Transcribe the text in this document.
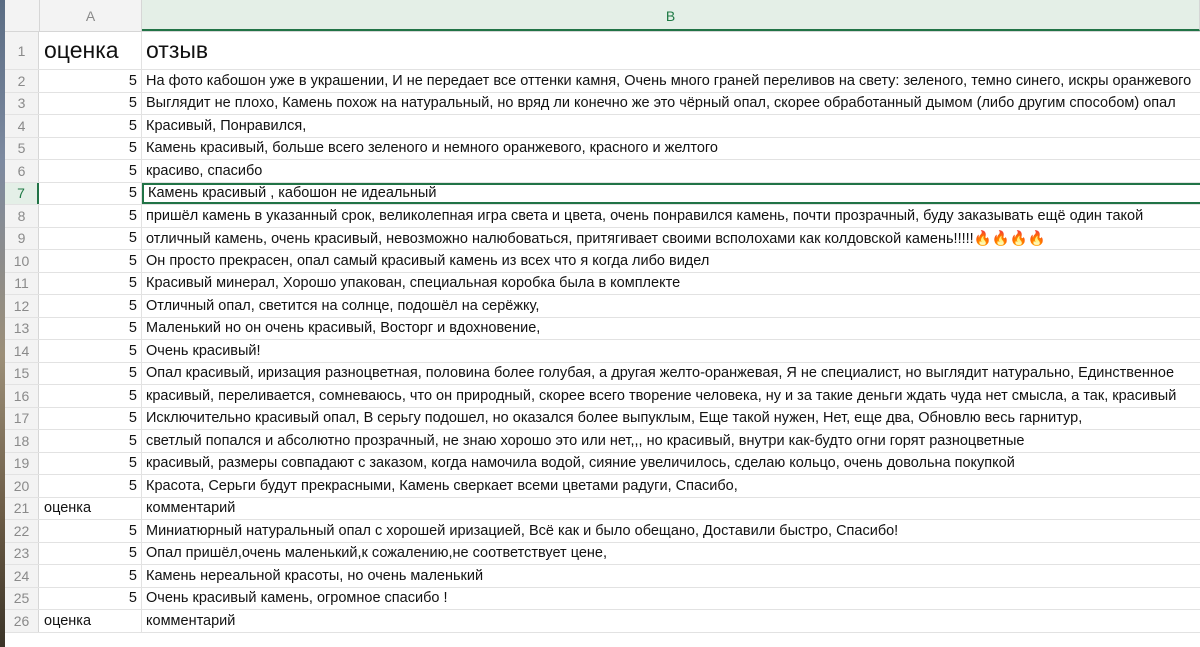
A	B
1 оценка	отзыв
2	5 На фото кабошон уже в украшении, И не передает все оттенки камня, Очень много граней переливов на свету: зеленого, темно синего, искры оранжевого
3	5 Выглядит не плохо, Камень похож на натуральный, но вряд ли конечно же это чёрный опал, скорее обработанный дымом (либо другим способом) опал
4	5 Красивый, Понравился,
5	5 Камень красивый, больше всего зеленого и немного оранжевого, красного и желтого
6	5 красиво, спасибо
7	5 Камень красивый , кабошон не идеальный
8	5 пришёл камень в указанный срок, великолепная игра света и цвета, очень понравился камень, почти прозрачный, буду заказывать ещё один такой
9	5 отличный камень, очень красивый, невозможно налюбоваться, притягивает своими всполохами как колдовской камень!!!!!🔥🔥🔥🔥
10	5 Он просто прекрасен, опал самый красивый камень из всех что я когда либо видел
11	5 Красивый минерал, Хорошо упакован, специальная коробка была в комплекте
12	5 Отличный опал, светится на солнце, подошёл на серёжку,
13	5 Маленький но он очень красивый, Восторг и вдохновение,
14	5 Очень красивый!
15	5 Опал красивый, иризация разноцветная, половина более голубая, а другая желто-оранжевая, Я не специалист, но выглядит натурально, Единственное
16	5 красивый, переливается, сомневаюсь, что он природный, скорее всего творение человека, ну и за такие деньги ждать чуда нет смысла, а так, красивый
17	5 Исключительно красивый опал, В серьгу подошел, но оказался более выпуклым, Еще такой нужен, Нет, еще два, Обновлю весь гарнитур,
18	5 светлый попался и абсолютно прозрачный, не знаю хорошо это или нет,,, но красивый, внутри как-будто огни горят разноцветные
19	5 красивый, размеры совпадают с заказом, когда намочила водой, сияние увеличилось, сделаю кольцо, очень довольна покупкой
20	5 Красота, Серьги будут прекрасными, Камень сверкает всеми цветами радуги, Спасибо,
21	оценка	комментарий
22	5 Миниатюрный натуральный опал с хорошей иризацией, Всё как и было обещано, Доставили быстро, Спасибо!
23	5 Опал пришёл,очень маленький,к сожалению,не соответствует цене,
24	5 Камень нереальной красоты, но очень маленький
25	5 Очень красивый камень, огромное спасибо !
26	оценка	комментарий
